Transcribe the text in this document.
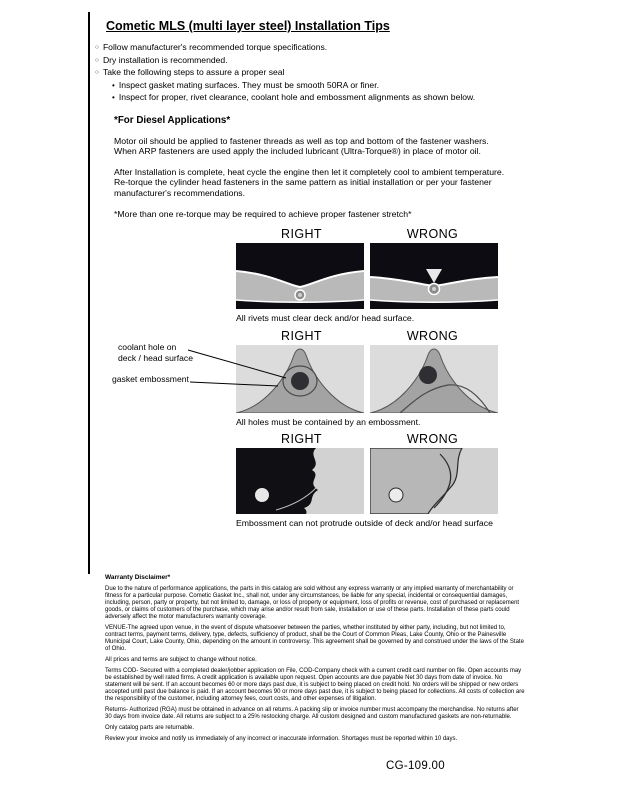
Cometic MLS (multi layer steel) Installation Tips
○ Follow manufacturer's recommended torque specifications.
○ Dry installation is recommended.
○ Take the following steps to assure a proper seal
• Inspect gasket mating surfaces. They must be smooth 50RA or finer.
• Inspect for proper, rivet clearance, coolant hole and embossment alignments as shown below.
*For Diesel Applications*

Motor oil should be applied to fastener threads as well as top and bottom of the fastener washers. When ARP fasteners are used apply the included lubricant (Ultra-Torque®) in place of motor oil.

After Installation is complete, heat cycle the engine then let it completely cool to ambient temperature. Re-torque the cylinder head fasteners in the same pattern as initial installation or per your fastener manufacturer's recommendations.

*More than one re-torque may be required to achieve proper fastener stretch*

RIGHT	WRONG
All rivets must clear deck and/or head surface.
RIGHT	WRONG
All holes must be contained by an embossment.
coolant hole on
deck / head surface
gasket embossment
RIGHT	WRONG
Embossment can not protrude outside of deck and/or head surface
Warranty Disclaimer*

Due to the nature of performance applications, the parts in this catalog are sold without any express warranty or any implied warranty of merchantability or fitness for a particular purpose. Cometic Gasket Inc., shall not, under any circumstances, be liable for any special, incidental or consequential damages, including, person, party or property, but not limited to, damage, or loss of property or equipment, loss of profits or revenue, cost of purchased or replacement goods, or claims of customers of the purchase, which may arise and/or result from sale, installation or use of these parts. Installation of these parts could adversely affect the motor manufacturers warranty coverage.

VENUE-The agreed upon venue, in the event of dispute whatsoever between the parties, whether instituted by either party, including, but not limited to, contract terms, payment terms, delivery, type, defects, sufficiency of product, shall be the Court of Common Pleas, Lake County, Ohio or the Painesville Municipal Court, Lake County, Ohio, depending on the amount in controversy. This agreement shall be governed by and construed under the laws of the State of Ohio.

All prices and terms are subject to change without notice.

Terms COD- Secured with a completed dealer/jobber application on File, COD-Company check with a current credit card number on file. Open accounts may be established by well rated firms. A credit application is available upon request. Open accounts are due payable Net 30 days from date of invoice. No statement will be sent. If an account becomes 60 or more days past due, it is subject to being placed on credit hold. No orders will be shipped or new orders accepted until past due balance is paid. If an account becomes 90 or more days past due, it is subject to being placed for collections. All costs of collection are the responsibility of the customer, including attorney fees, court costs, and other expenses of litigation.

Returns- Authorized (RGA) must be obtained in advance on all returns. A packing slip or invoice number must accompany the merchandise. No returns after 30 days from invoice date. All returns are subject to a 25% restocking charge. All custom designed and custom manufactured gaskets are non-returnable.

Only catalog parts are returnable.

Review your invoice and notify us immediately of any incorrect or inaccurate information. Shortages must be reported within 10 days.

CG-109.00
